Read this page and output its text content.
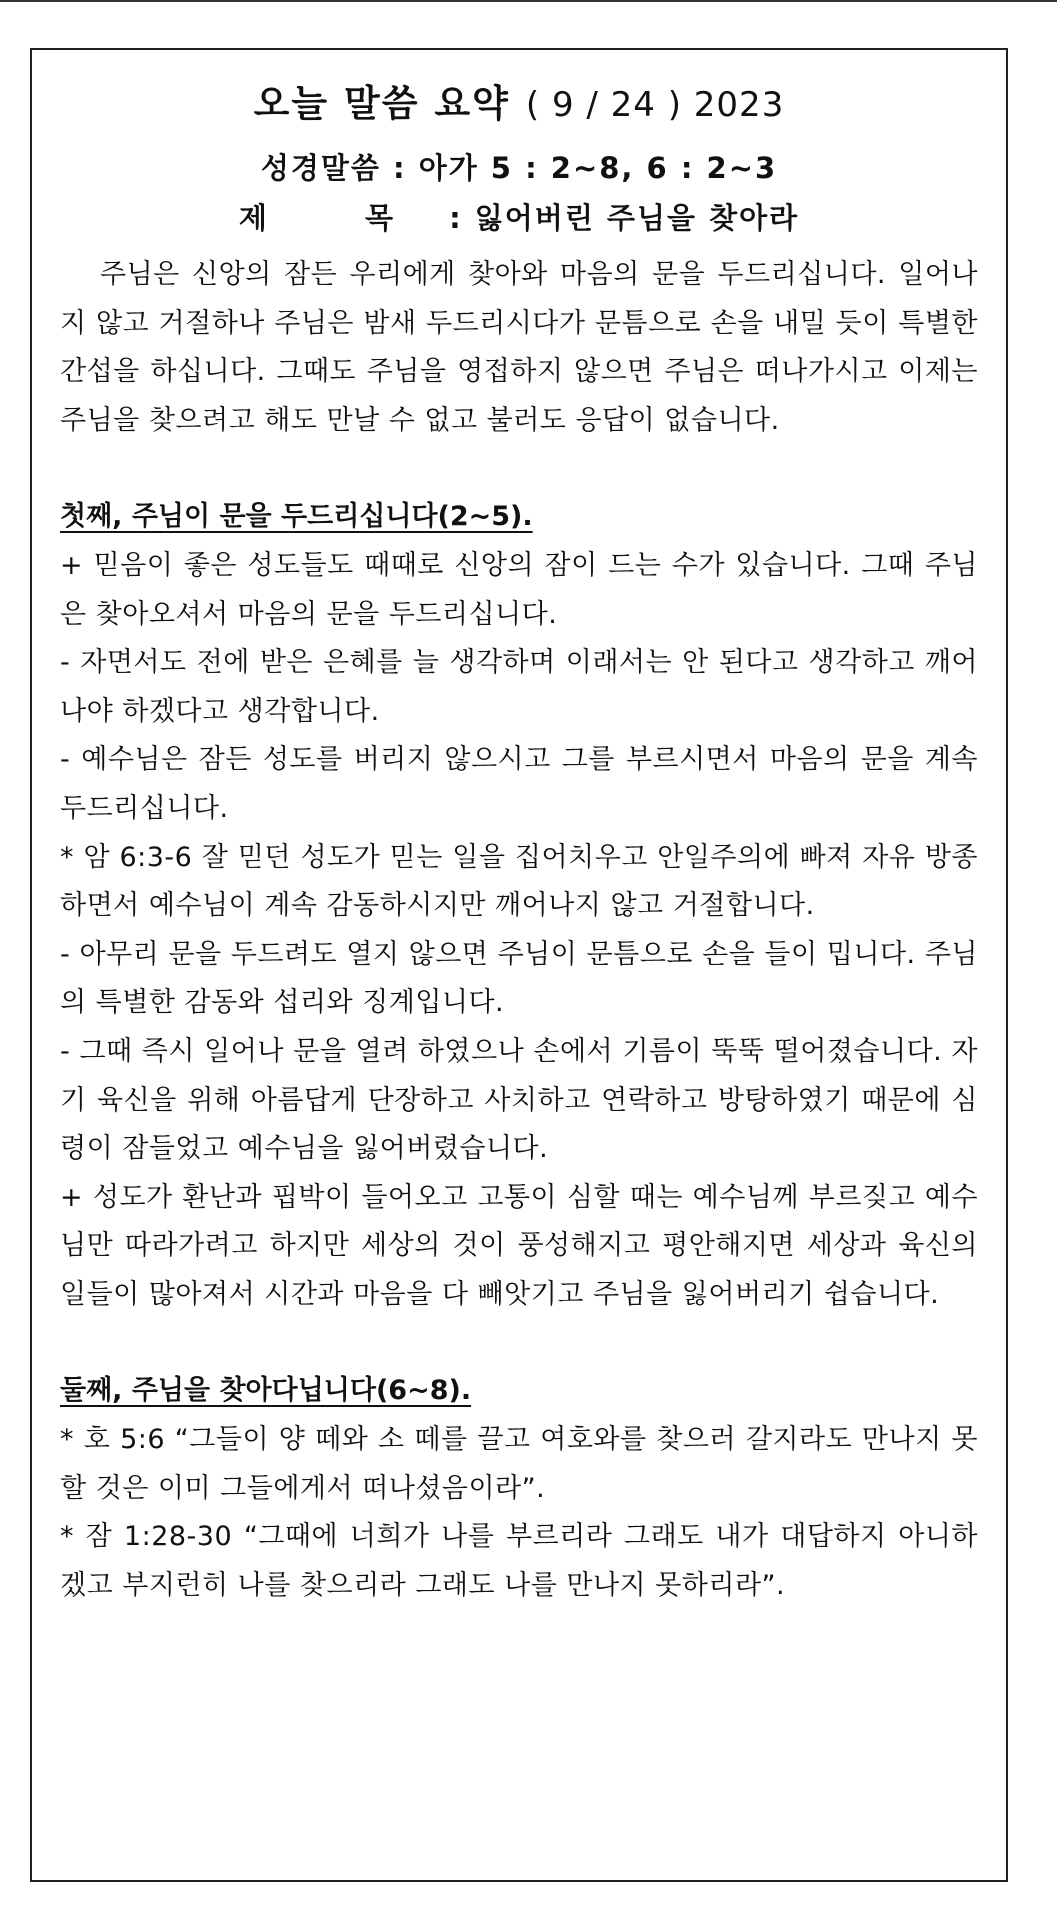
오늘 말씀 요약 ( 9 / 24 ) 2023
성경말씀 : 아가 5 : 2~8, 6 : 2~3
제 목 : 잃어버린 주님을 찾아라

주님은 신앙의 잠든 우리에게 찾아와 마음의 문을 두드리십니다. 일어나지 않고 거절하나 주님은 밤새 두드리시다가 문틈으로 손을 내밀 듯이 특별한 간섭을 하십니다. 그때도 주님을 영접하지 않으면 주님은 떠나가시고 이제는 주님을 찾으려고 해도 만날 수 없고 불러도 응답이 없습니다.

첫째, 주님이 문을 두드리십니다(2~5).

+ 믿음이 좋은 성도들도 때때로 신앙의 잠이 드는 수가 있습니다. 그때 주님은 찾아오셔서 마음의 문을 두드리십니다.

- 자면서도 전에 받은 은혜를 늘 생각하며 이래서는 안 된다고 생각하고 깨어나야 하겠다고 생각합니다.

- 예수님은 잠든 성도를 버리지 않으시고 그를 부르시면서 마음의 문을 계속 두드리십니다.

* 암 6:3-6 잘 믿던 성도가 믿는 일을 집어치우고 안일주의에 빠져 자유 방종하면서 예수님이 계속 감동하시지만 깨어나지 않고 거절합니다.

- 아무리 문을 두드려도 열지 않으면 주님이 문틈으로 손을 들이 밉니다. 주님의 특별한 감동와 섭리와 징계입니다.

- 그때 즉시 일어나 문을 열려 하였으나 손에서 기름이 뚝뚝 떨어졌습니다. 자기 육신을 위해 아름답게 단장하고 사치하고 연락하고 방탕하였기 때문에 심령이 잠들었고 예수님을 잃어버렸습니다.

+ 성도가 환난과 핍박이 들어오고 고통이 심할 때는 예수님께 부르짖고 예수님만 따라가려고 하지만 세상의 것이 풍성해지고 평안해지면 세상과 육신의 일들이 많아져서 시간과 마음을 다 빼앗기고 주님을 잃어버리기 쉽습니다.

둘째, 주님을 찾아다닙니다(6~8).

* 호 5:6 “그들이 양 떼와 소 떼를 끌고 여호와를 찾으러 갈지라도 만나지 못할 것은 이미 그들에게서 떠나셨음이라”.

* 잠 1:28-30 “그때에 너희가 나를 부르리라 그래도 내가 대답하지 아니하겠고 부지런히 나를 찾으리라 그래도 나를 만나지 못하리라”.
